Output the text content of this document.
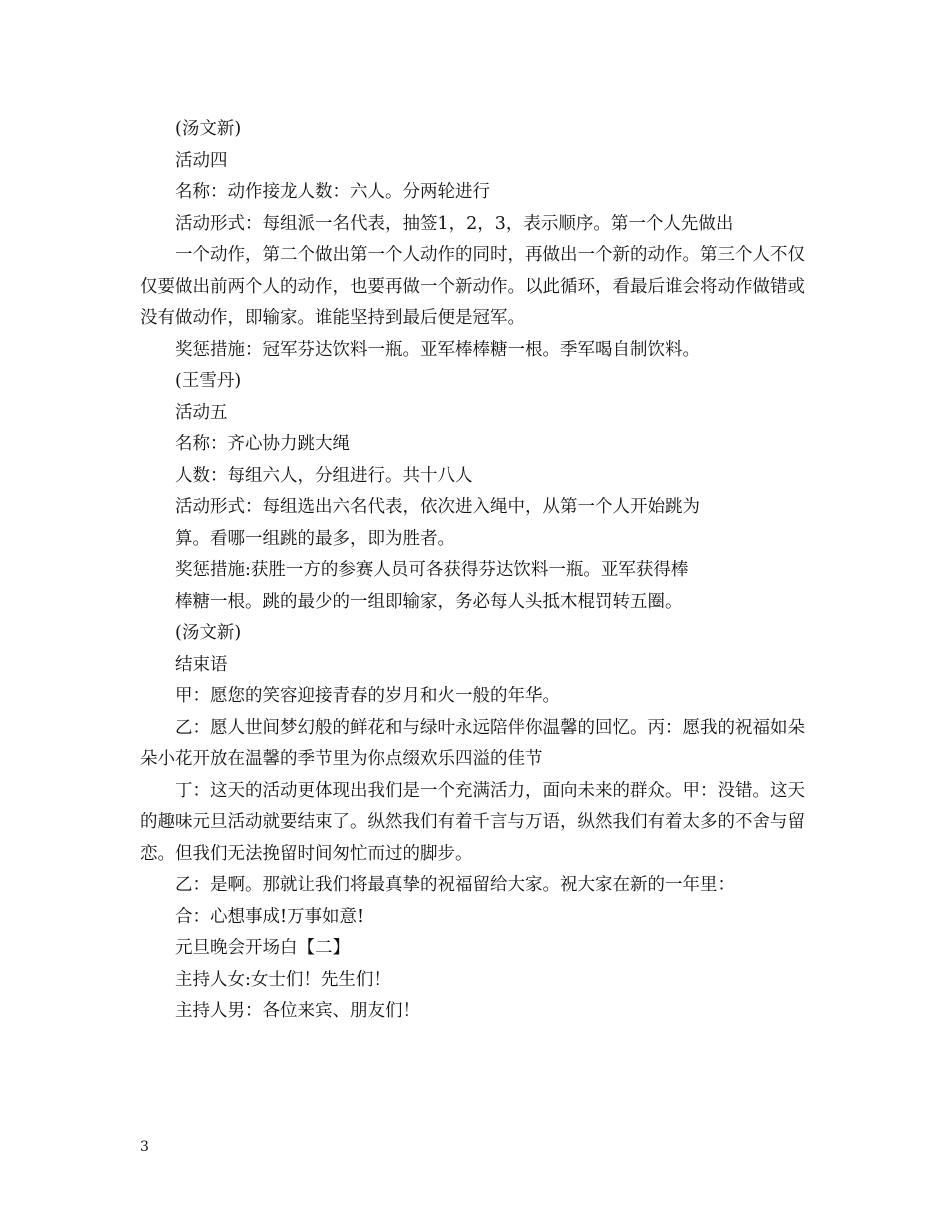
(汤文新)

活动四

名称：动作接龙人数：六人。分两轮进行

活动形式：每组派一名代表，抽签1，2，3，表示顺序。第一个人先做出

一个动作，第二个做出第一个人动作的同时，再做出一个新的动作。第三个人不仅仅要做出前两个人的动作，也要再做一个新动作。以此循环，看最后谁会将动作做错或没有做动作，即输家。谁能坚持到最后便是冠军。

奖惩措施：冠军芬达饮料一瓶。亚军棒棒糖一根。季军喝自制饮料。

(王雪丹)

活动五

名称：齐心协力跳大绳

人数：每组六人，分组进行。共十八人

活动形式：每组选出六名代表，依次进入绳中，从第一个人开始跳为

算。看哪一组跳的最多，即为胜者。

奖惩措施:获胜一方的参赛人员可各获得芬达饮料一瓶。亚军获得棒

棒糖一根。跳的最少的一组即输家，务必每人头抵木棍罚转五圈。

(汤文新)

结束语

甲：愿您的笑容迎接青春的岁月和火一般的年华。

乙：愿人世间梦幻般的鲜花和与绿叶永远陪伴你温馨的回忆。丙：愿我的祝福如朵朵小花开放在温馨的季节里为你点缀欢乐四溢的佳节

丁：这天的活动更体现出我们是一个充满活力，面向未来的群众。甲：没错。这天的趣味元旦活动就要结束了。纵然我们有着千言与万语，纵然我们有着太多的不舍与留恋。但我们无法挽留时间匆忙而过的脚步。

乙：是啊。那就让我们将最真挚的祝福留给大家。祝大家在新的一年里：

合：心想事成!万事如意!

元旦晚会开场白【二】

主持人女:女士们！先生们！

主持人男：各位来宾、朋友们！

3
